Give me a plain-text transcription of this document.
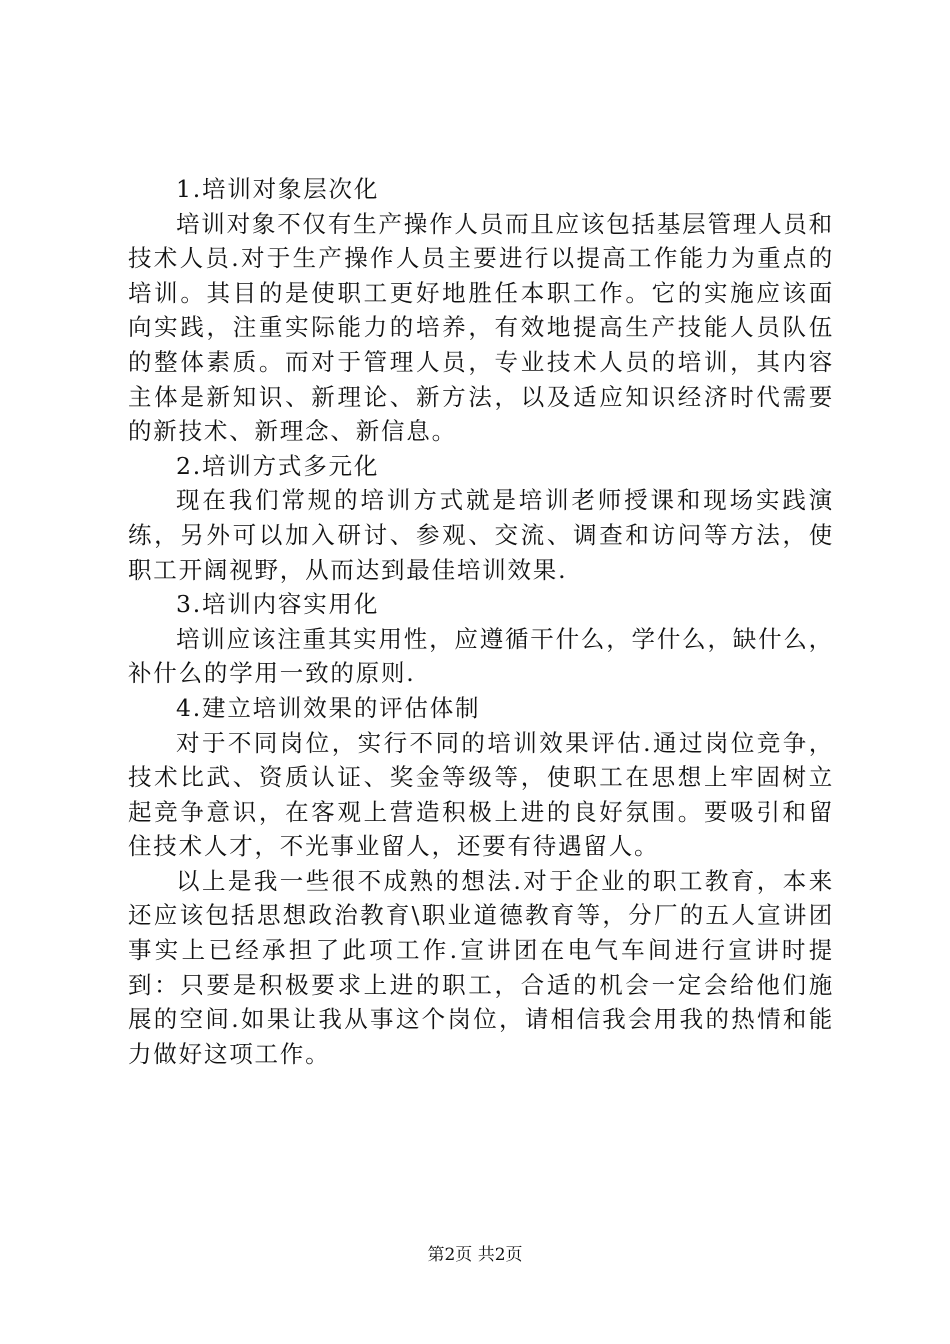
1.培训对象层次化

培训对象不仅有生产操作人员而且应该包括基层管理人员和技术人员.对于生产操作人员主要进行以提高工作能力为重点的培训。其目的是使职工更好地胜任本职工作。它的实施应该面向实践，注重实际能力的培养，有效地提高生产技能人员队伍的整体素质。而对于管理人员，专业技术人员的培训，其内容主体是新知识、新理论、新方法，以及适应知识经济时代需要的新技术、新理念、新信息。

2.培训方式多元化

现在我们常规的培训方式就是培训老师授课和现场实践演练，另外可以加入研讨、参观、交流、调查和访问等方法，使职工开阔视野，从而达到最佳培训效果.

3.培训内容实用化

培训应该注重其实用性，应遵循干什么，学什么，缺什么，补什么的学用一致的原则.

4.建立培训效果的评估体制

对于不同岗位，实行不同的培训效果评估.通过岗位竞争，技术比武、资质认证、奖金等级等，使职工在思想上牢固树立起竞争意识，在客观上营造积极上进的良好氛围。要吸引和留住技术人才，不光事业留人，还要有待遇留人。

以上是我一些很不成熟的想法.对于企业的职工教育，本来还应该包括思想政治教育\职业道德教育等，分厂的五人宣讲团事实上已经承担了此项工作.宣讲团在电气车间进行宣讲时提到：只要是积极要求上进的职工，合适的机会一定会给他们施展的空间.如果让我从事这个岗位，请相信我会用我的热情和能力做好这项工作。

第2页 共2页
